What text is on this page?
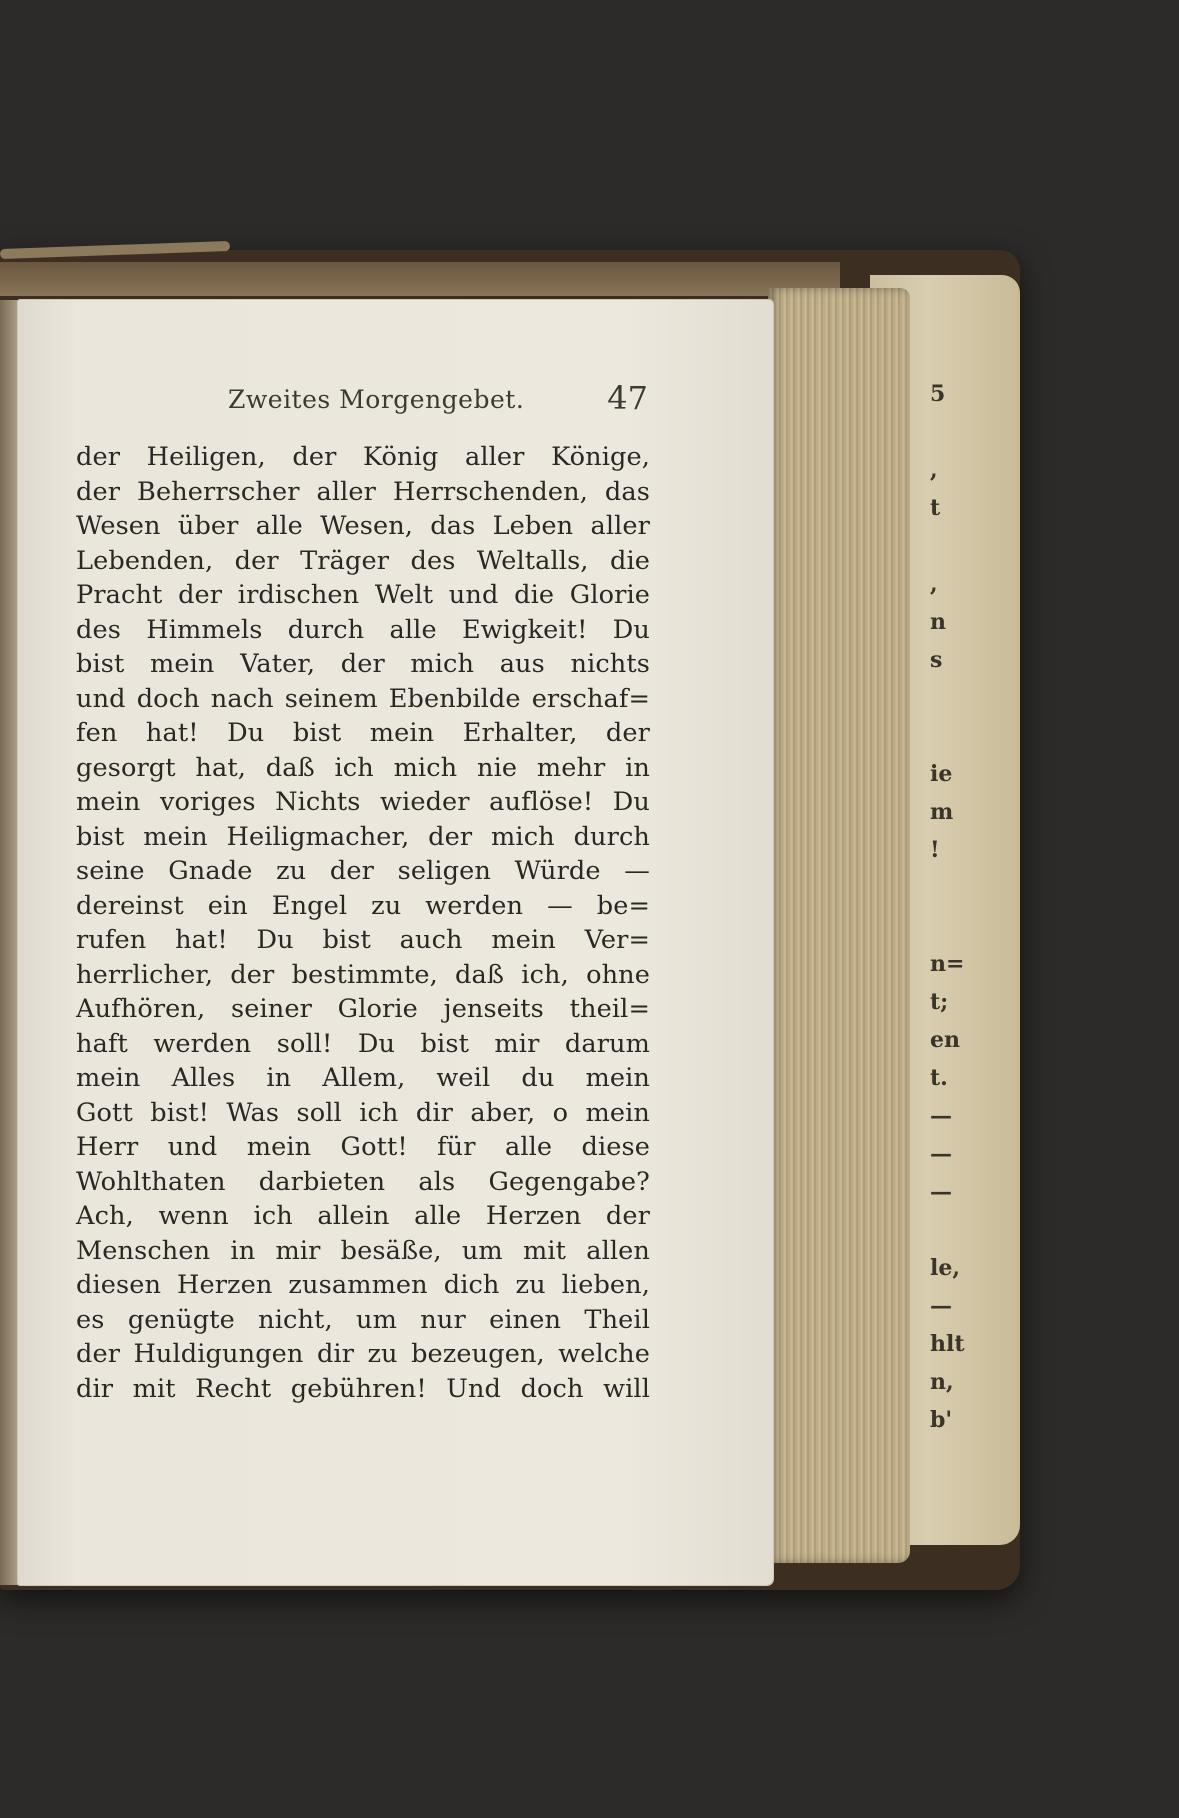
5

,
t

,
n
s

ie
m
!

n=
t;
en
t.
—
—
—

le,
—
hlt
n,
b'
Zweites Morgengebet.	47
der Heiligen, der König aller Könige,
der Beherrscher aller Herrschenden, das
Wesen über alle Wesen, das Leben aller
Lebenden, der Träger des Weltalls, die
Pracht der irdischen Welt und die Glorie
des Himmels durch alle Ewigkeit! Du
bist mein Vater, der mich aus nichts
und doch nach seinem Ebenbilde erschaf=
fen hat! Du bist mein Erhalter, der
gesorgt hat, daß ich mich nie mehr in
mein voriges Nichts wieder auflöse! Du
bist mein Heiligmacher, der mich durch
seine Gnade zu der seligen Würde —
dereinst ein Engel zu werden — be=
rufen hat! Du bist auch mein Ver=
herrlicher, der bestimmte, daß ich, ohne
Aufhören, seiner Glorie jenseits theil=
haft werden soll! Du bist mir darum
mein Alles in Allem, weil du mein
Gott bist! Was soll ich dir aber, o mein
Herr und mein Gott! für alle diese
Wohlthaten darbieten als Gegengabe?
Ach, wenn ich allein alle Herzen der
Menschen in mir besäße, um mit allen
diesen Herzen zusammen dich zu lieben,
es genügte nicht, um nur einen Theil
der Huldigungen dir zu bezeugen, welche
dir mit Recht gebühren! Und doch will
